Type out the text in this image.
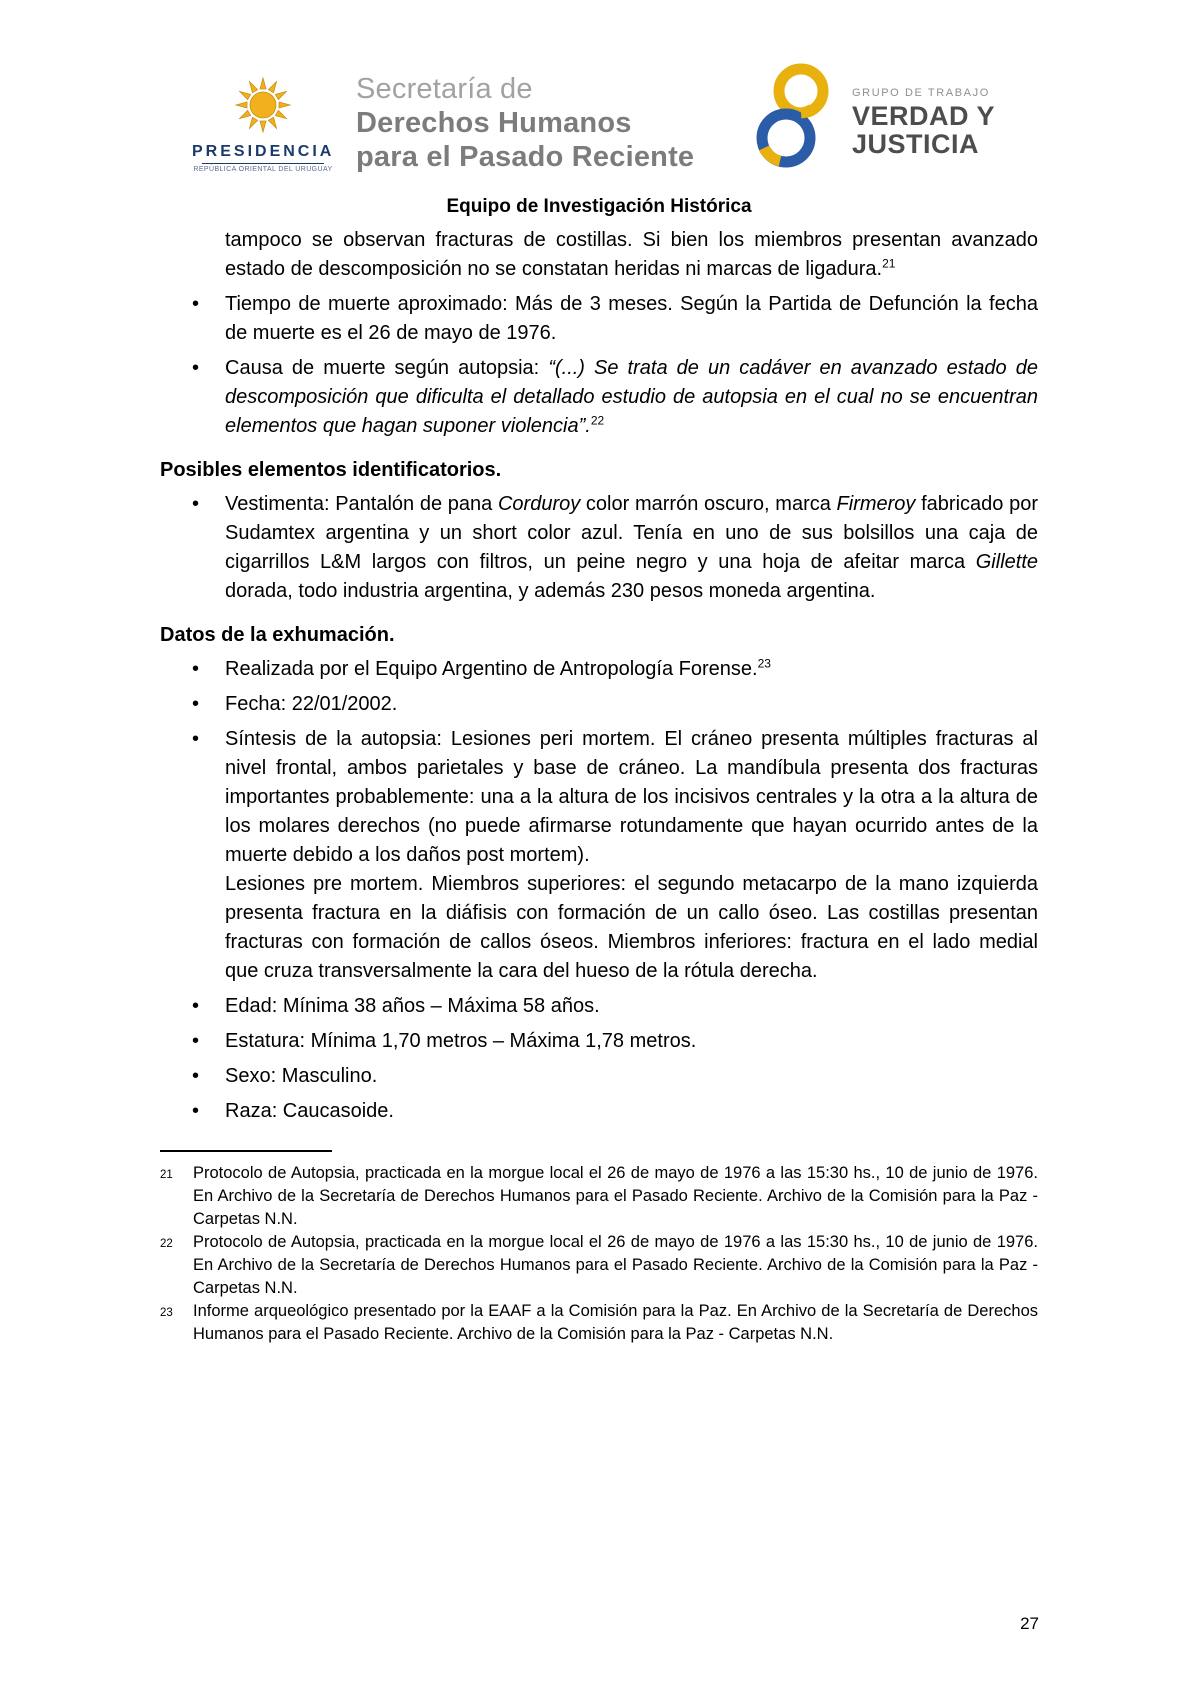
PRESIDENCIA
REPÚBLICA ORIENTAL DEL URUGUAY
Secretaría de
Derechos Humanos
para el Pasado Reciente
GRUPO DE TRABAJO
VERDAD Y
JUSTICIA
Equipo de Investigación Histórica

tampoco se observan fracturas de costillas. Si bien los miembros presentan avanzado estado de descomposición no se constatan heridas ni marcas de ligadura.$^{21}$

• Tiempo de muerte aproximado: Más de 3 meses. Según la Partida de Defunción la fecha de muerte es el 26 de mayo de 1976.
• Causa de muerte según autopsia: “(...) Se trata de un cadáver en avanzado estado de descomposición que dificulta el detallado estudio de autopsia en el cual no se encuentran elementos que hagan suponer violencia”.$^{22}$
Posibles elementos identificatorios.
• Vestimenta: Pantalón de pana Corduroy color marrón oscuro, marca Firmeroy fabricado por Sudamtex argentina y un short color azul. Tenía en uno de sus bolsillos una caja de cigarrillos L&M largos con filtros, un peine negro y una hoja de afeitar marca Gillette dorada, todo industria argentina, y además 230 pesos moneda argentina.
Datos de la exhumación.
• Realizada por el Equipo Argentino de Antropología Forense.$^{23}$
• Fecha: 22/01/2002.

• Síntesis de la autopsia: Lesiones peri mortem. El cráneo presenta múltiples fracturas al nivel frontal, ambos parietales y base de cráneo. La mandíbula presenta dos fracturas importantes probablemente: una a la altura de los incisivos centrales y la otra a la altura de los molares derechos (no puede afirmarse rotundamente que hayan ocurrido antes de la muerte debido a los daños post mortem).

Lesiones pre mortem. Miembros superiores: el segundo metacarpo de la mano izquierda presenta fractura en la diáfisis con formación de un callo óseo. Las costillas presentan fracturas con formación de callos óseos. Miembros inferiores: fractura en el lado medial que cruza transversalmente la cara del hueso de la rótula derecha.

• Edad: Mínima 38 años – Máxima 58 años.
• Estatura: Mínima 1,70 metros – Máxima 1,78 metros.
• Sexo: Masculino.
• Raza: Caucasoide.
21	Protocolo de Autopsia, practicada en la morgue local el 26 de mayo de 1976 a las 15:30 hs., 10 de junio de 1976. En Archivo de la Secretaría de Derechos Humanos para el Pasado Reciente. Archivo de la Comisión para la Paz - Carpetas N.N.
22	Protocolo de Autopsia, practicada en la morgue local el 26 de mayo de 1976 a las 15:30 hs., 10 de junio de 1976. En Archivo de la Secretaría de Derechos Humanos para el Pasado Reciente. Archivo de la Comisión para la Paz - Carpetas N.N.
23	Informe arqueológico presentado por la EAAF a la Comisión para la Paz. En Archivo de la Secretaría de Derechos Humanos para el Pasado Reciente. Archivo de la Comisión para la Paz - Carpetas N.N.
27
